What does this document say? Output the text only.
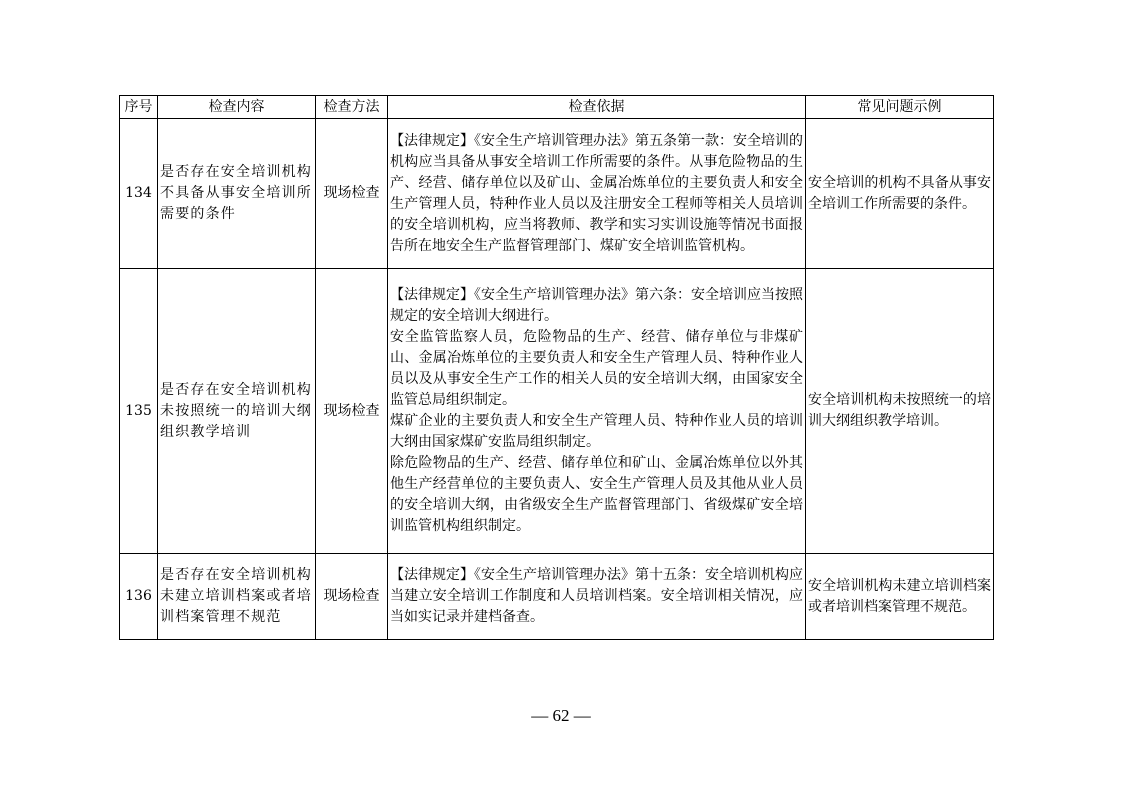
序号	检查内容	检查方法	检查依据	常见问题示例
134	是否存在安全培训机构不具备从事安全培训所需要的条件	现场检查	【法律规定】《安全生产培训管理办法》第五条第一款：安全培训的机构应当具备从事安全培训工作所需要的条件。从事危险物品的生产、经营、储存单位以及矿山、金属冶炼单位的主要负责人和安全生产管理人员，特种作业人员以及注册安全工程师等相关人员培训的安全培训机构，应当将教师、教学和实习实训设施等情况书面报告所在地安全生产监督管理部门、煤矿安全培训监管机构。	安全培训的机构不具备从事安全培训工作所需要的条件。
135	是否存在安全培训机构未按照统一的培训大纲组织教学培训	现场检查	【法律规定】《安全生产培训管理办法》第六条：安全培训应当按照规定的安全培训大纲进行。
安全监管监察人员，危险物品的生产、经营、储存单位与非煤矿山、金属冶炼单位的主要负责人和安全生产管理人员、特种作业人员以及从事安全生产工作的相关人员的安全培训大纲，由国家安全监管总局组织制定。
煤矿企业的主要负责人和安全生产管理人员、特种作业人员的培训大纲由国家煤矿安监局组织制定。
除危险物品的生产、经营、储存单位和矿山、金属冶炼单位以外其他生产经营单位的主要负责人、安全生产管理人员及其他从业人员的安全培训大纲，由省级安全生产监督管理部门、省级煤矿安全培训监管机构组织制定。	安全培训机构未按照统一的培训大纲组织教学培训。
136	是否存在安全培训机构未建立培训档案或者培训档案管理不规范	现场检查	【法律规定】《安全生产培训管理办法》第十五条：安全培训机构应当建立安全培训工作制度和人员培训档案。安全培训相关情况，应当如实记录并建档备查。	安全培训机构未建立培训档案或者培训档案管理不规范。
— 62 —
